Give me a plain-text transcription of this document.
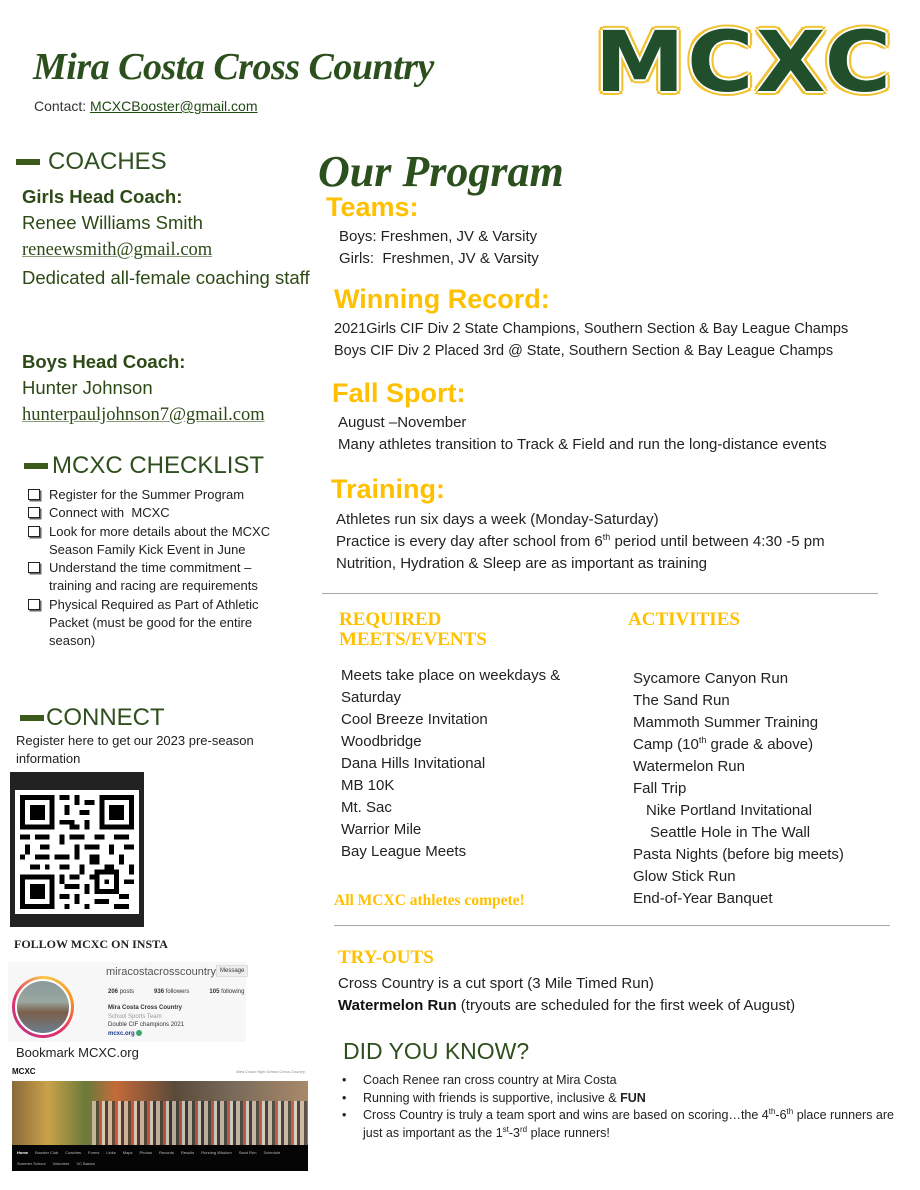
Mira Costa Cross Country
Contact: MCXCBooster@gmail.com	MCXC
COACHES
Girls Head Coach:
Renee Williams Smith
reneewsmith@gmail.com
Dedicated all-female coaching staff
Boys Head Coach:
Hunter Johnson
hunterpauljohnson7@gmail.com
MCXC CHECKLIST
Register for the Summer Program
Connect with  MCXC
Look for more details about the MCXC Season Family Kick Event in June
Understand the time commitment – training and racing are requirements
Physical Required as Part of Athletic Packet (must be good for the entire season)
CONNECT
Register here to get our 2023 pre-season information
FOLLOW MCXC ON INSTA
miracostacrosscountry Message
206 posts	936 followers	105 following
Mira Costa Cross Country
School Sports Team
Double CIF champions 2021
mcxc.org
Bookmark MCXC.org
MCXC	Mira Costa High School Cross Country
Home Booster Club Coaches Forms Links Maps Photos Records Results Running Wisdom Sand Run Schedule
Summer School Volunteer XC Basics
Our Program
Teams:
Boys: Freshmen, JV & Varsity
Girls:  Freshmen, JV & Varsity
Winning Record:
2021Girls CIF Div 2 State Champions, Southern Section & Bay League Champs
Boys CIF Div 2 Placed 3rd @ State, Southern Section & Bay League Champs
Fall Sport:
August –November
Many athletes transition to Track & Field and run the long-distance events
Training:
Athletes run six days a week (Monday-Saturday)
Practice is every day after school from 6th period until between 4:30 -5 pm
Nutrition, Hydration & Sleep are as important as training
REQUIRED MEETS/EVENTS
Meets take place on weekdays &
Saturday
Cool Breeze Invitation
Woodbridge
Dana Hills Invitational
MB 10K
Mt. Sac
Warrior Mile
Bay League Meets
All MCXC athletes compete!
ACTIVITIES
Sycamore Canyon Run
The Sand Run
Mammoth Summer Training
Camp (10th grade & above)
Watermelon Run
Fall Trip
Nike Portland Invitational
Seattle Hole in The Wall
Pasta Nights (before big meets)
Glow Stick Run
End-of-Year Banquet
TRY-OUTS
Cross Country is a cut sport (3 Mile Timed Run)
Watermelon Run (tryouts are scheduled for the first week of August)
DID YOU KNOW?
•	Coach Renee ran cross country at Mira Costa
•	Running with friends is supportive, inclusive & FUN
•	Cross Country is truly a team sport and wins are based on scoring…the 4th-6th place runners are just as important as the 1st-3rd place runners!
